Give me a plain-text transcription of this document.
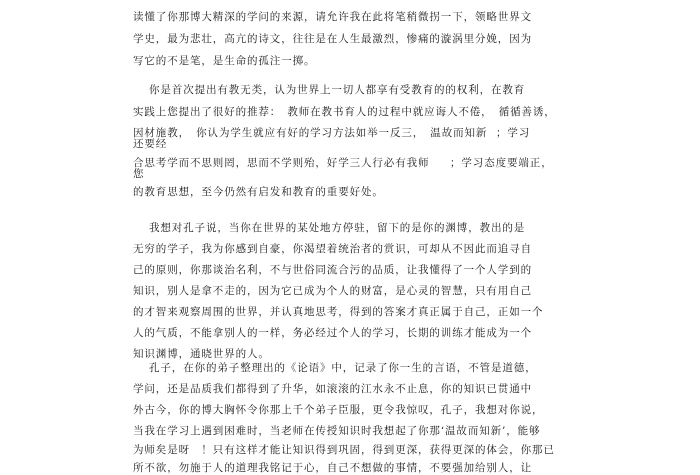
读懂了你那博大精深的学问的来源，请允许我在此将笔稍微拐一下，领略世界文
学史，最为悲壮，高亢的诗文，往往是在人生最激烈，惨痛的漩涡里分娩，因为
写它的不是笔，是生命的孤注一掷。
你是首次提出有教无类，认为世界上一切人都享有受教育的的权利，在教育
实践上您提出了很好的推荐：　教师在教书育人的过程中就应诲人不倦，　循循善诱，
因材施教，　你认为学生就应有好的学习方法如举一反三，　温故而知新 ；学习
还要经
合思考学而不思则罔，思而不学则殆，好学三人行必有我师 ；学习态度要端正，
您
的教育思想，至今仍然有启发和教育的重要好处。
我想对孔子说，当你在世界的某处地方停驻，留下的是你的渊博，教出的是
无穷的学子，我为你感到自豪，你渴望着统治者的赏识，可却从不因此而追寻自
己的原则，你那谈治名利，不与世俗同流合污的品质，让我懂得了一个人学到的
知识，别人是拿不走的，因为它已成为个人的财富，是心灵的智慧，只有用自己
的才智来观察周围的世界，并认真地思考，得到的答案才真正属于自己，正如一个
人的气质，不能拿别人的一样，务必经过个人的学习，长期的训练才能成为一个
知识渊博，通晓世界的人。
孔子，在你的弟子整理出的《论语》中，记录了你一生的言语，不管是道德，
学问，还是品质我们都得到了升华，如滚滚的江水永不止息，你的知识已贯通中
外古今，你的博大胸怀令你那上千个弟子臣服，更令我惊叹，孔子，我想对你说，
当我在学习上遇到困难时，当老师在传授知识时我想起了你那‘温故而知新’，能够
为师矣是呀　！只有这样才能让知识得到巩固，得到更深，获得更深的体会，你那已
所不欲，勿施于人的道理我铭记于心，自己不想做的事情，不要强加给别人，让
